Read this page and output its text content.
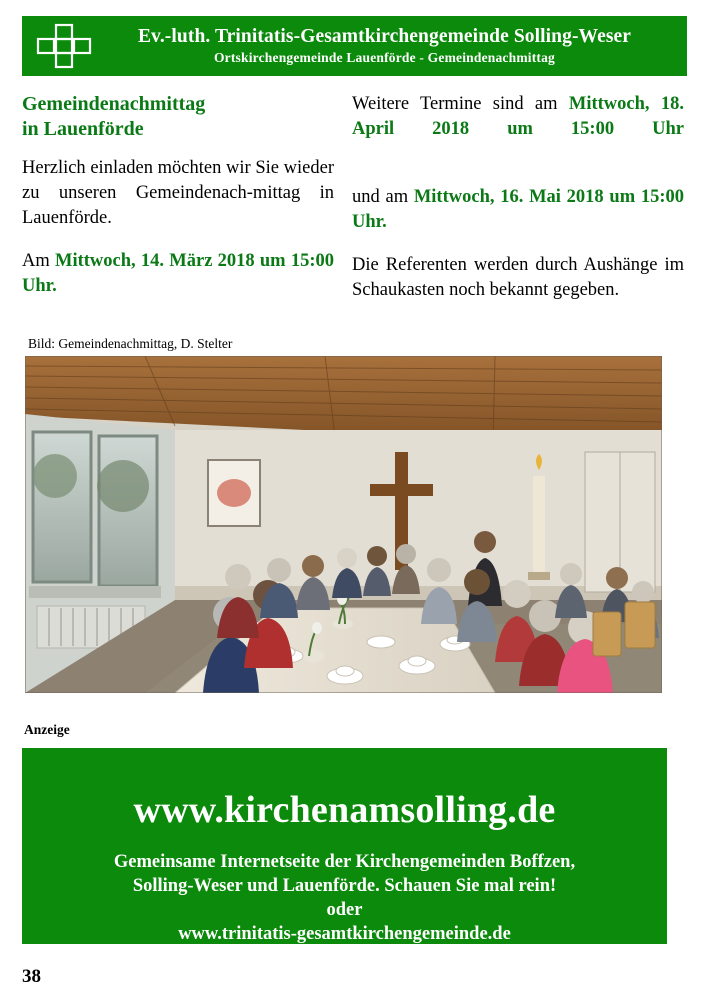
Ev.-luth. Trinitatis-Gesamtkirchengemeinde Solling-Weser
Ortskirchengemeinde Lauenförde - Gemeindenachmittag
Gemeindenachmittag
in Lauenförde

Herzlich einladen möchten wir Sie wieder zu unseren Gemeindenach-mittag in Lauenförde.

Am Mittwoch, 14. März 2018 um 15:00 Uhr.

Weitere Termine sind am Mittwoch, 18. April 2018 um 15:00 Uhr

und am Mittwoch, 16. Mai 2018 um 15:00 Uhr.

Die Referenten werden durch Aushänge im Schaukasten noch bekannt gegeben.

Bild: Gemeindenachmittag, D. Stelter
Anzeige
www.kirchenamsolling.de
Gemeinsame Internetseite der Kirchengemeinden Boffzen,
Solling-Weser und Lauenförde. Schauen Sie mal rein!
oder
www.trinitatis-gesamtkirchengemeinde.de
38
